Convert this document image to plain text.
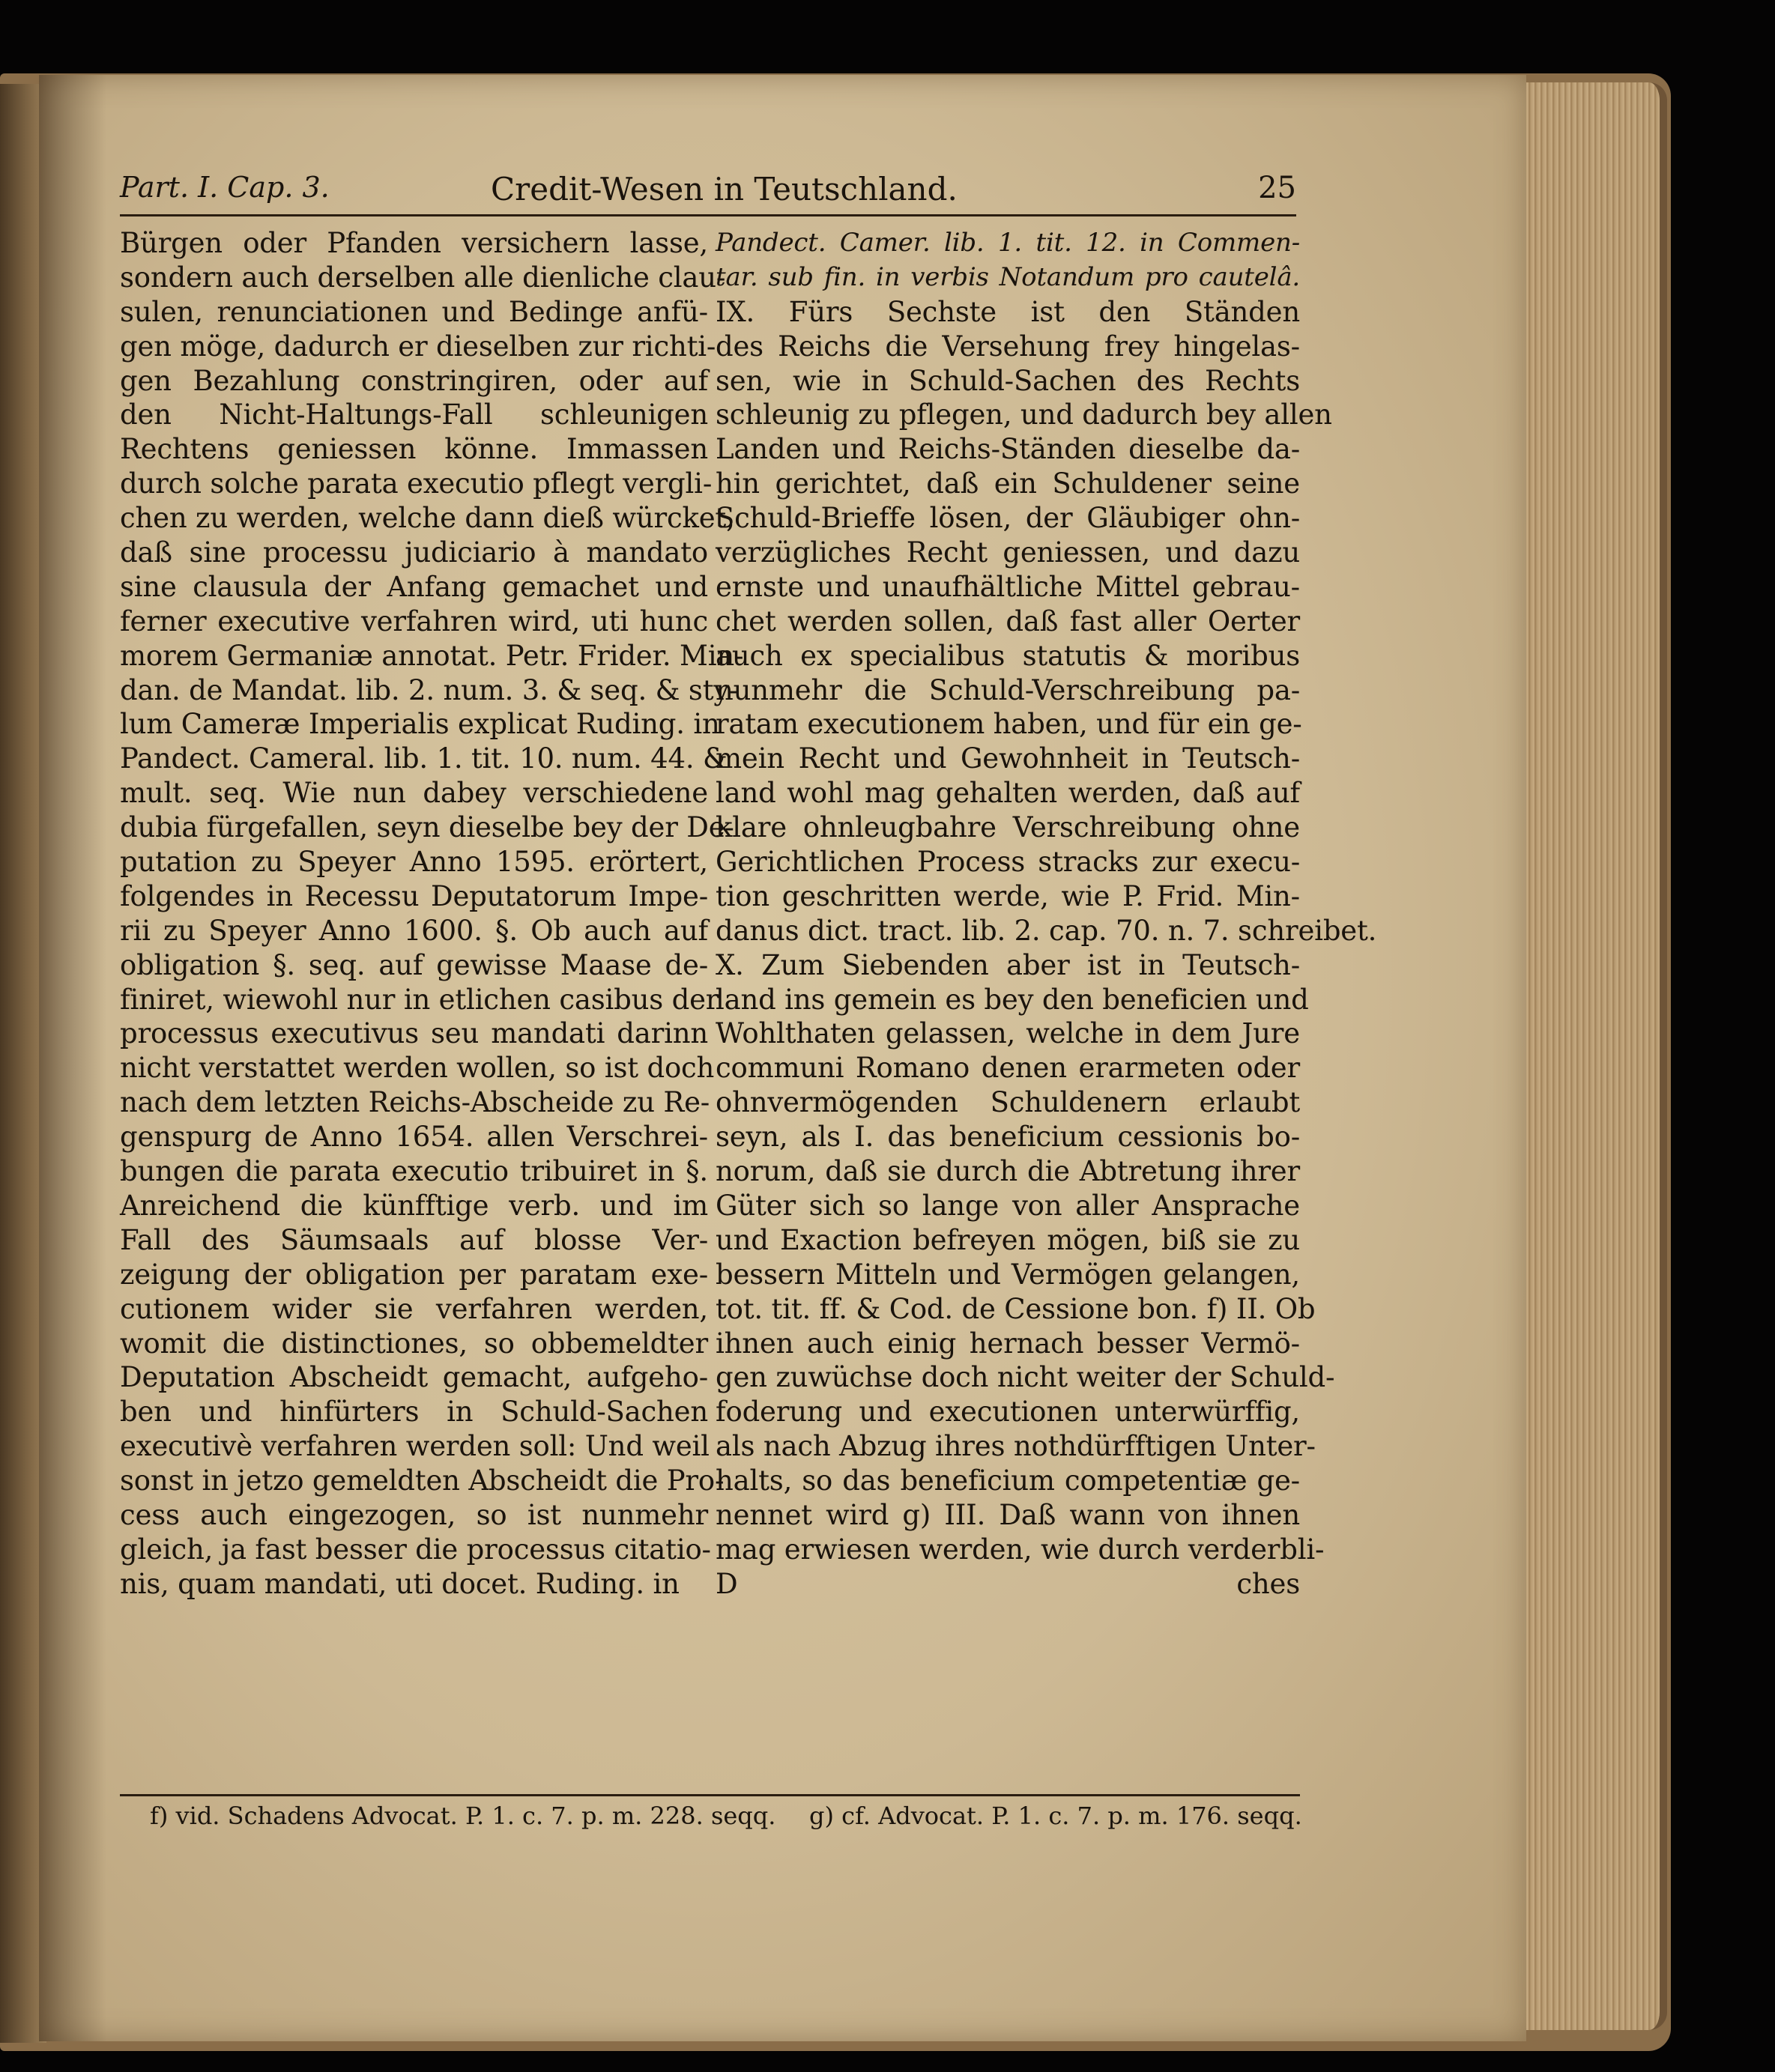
Part. I. Cap. 3.	Credit-Wesen in Teutschland.	25
Bürgen oder Pfanden versichern lasse,
sondern auch derselben alle dienliche clau-
sulen, renunciationen und Bedinge anfü-
gen möge, dadurch er dieselben zur richti-
gen Bezahlung constringiren, oder auf
den Nicht-Haltungs-Fall schleunigen
Rechtens geniessen könne. Immassen
durch solche parata executio pflegt vergli-
chen zu werden, welche dann dieß würcket,
daß sine processu judiciario à mandato
sine clausula der Anfang gemachet und
ferner executive verfahren wird, uti hunc
morem Germaniæ annotat. Petr. Frider. Min-
dan. de Mandat. lib. 2. num. 3. & seq. & sty-
lum Cameræ Imperialis explicat Ruding. in
Pandect. Cameral. lib. 1. tit. 10. num. 44. &
mult. seq. Wie nun dabey verschiedene
dubia fürgefallen, seyn dieselbe bey der De-
putation zu Speyer Anno 1595. erörtert,
folgendes in Recessu Deputatorum Impe-
rii zu Speyer Anno 1600. §. Ob auch auf
obligation §. seq. auf gewisse Maase de-
finiret, wiewohl nur in etlichen casibus der
processus executivus seu mandati darinn
nicht verstattet werden wollen, so ist doch
nach dem letzten Reichs-Abscheide zu Re-
genspurg de Anno 1654. allen Verschrei-
bungen die parata executio tribuiret in §.
Anreichend die künfftige verb. und im
Fall des Säumsaals auf blosse Ver-
zeigung der obligation per paratam exe-
cutionem wider sie verfahren werden,
womit die distinctiones, so obbemeldter
Deputation Abscheidt gemacht, aufgeho-
ben und hinfürters in Schuld-Sachen
executivè verfahren werden soll: Und weil
sonst in jetzo gemeldten Abscheidt die Pro-
cess auch eingezogen, so ist nunmehr
gleich, ja fast besser die processus citatio-
nis, quam mandati, uti docet. Ruding. in
Pandect. Camer. lib. 1. tit. 12. in Commen-
tar. sub fin. in verbis Notandum pro cautelâ.
IX. Fürs Sechste ist den Ständen
des Reichs die Versehung frey hingelas-
sen, wie in Schuld-Sachen des Rechts
schleunig zu pflegen, und dadurch bey allen
Landen und Reichs-Ständen dieselbe da-
hin gerichtet, daß ein Schuldener seine
Schuld-Brieffe lösen, der Gläubiger ohn-
verzügliches Recht geniessen, und dazu
ernste und unaufhältliche Mittel gebrau-
chet werden sollen, daß fast aller Oerter
auch ex specialibus statutis & moribus
nunmehr die Schuld-Verschreibung pa-
ratam executionem haben, und für ein ge-
mein Recht und Gewohnheit in Teutsch-
land wohl mag gehalten werden, daß auf
klare ohnleugbahre Verschreibung ohne
Gerichtlichen Process stracks zur execu-
tion geschritten werde, wie P. Frid. Min-
danus dict. tract. lib. 2. cap. 70. n. 7. schreibet.
X. Zum Siebenden aber ist in Teutsch-
land ins gemein es bey den beneficien und
Wohlthaten gelassen, welche in dem Jure
communi Romano denen erarmeten oder
ohnvermögenden Schuldenern erlaubt
seyn, als I. das beneficium cessionis bo-
norum, daß sie durch die Abtretung ihrer
Güter sich so lange von aller Ansprache
und Exaction befreyen mögen, biß sie zu
bessern Mitteln und Vermögen gelangen,
tot. tit. ff. & Cod. de Cessione bon. f) II. Ob
ihnen auch einig hernach besser Vermö-
gen zuwüchse doch nicht weiter der Schuld-
foderung und executionen unterwürffig,
als nach Abzug ihres nothdürfftigen Unter-
halts, so das beneficium competentiæ ge-
nennet wird g) III. Daß wann von ihnen
mag erwiesen werden, wie durch verderbli-
D                                        ches
f) vid. Schadens Advocat. P. 1. c. 7. p. m. 228. seqq. g) cf. Advocat. P. 1. c. 7. p. m. 176. seqq.
